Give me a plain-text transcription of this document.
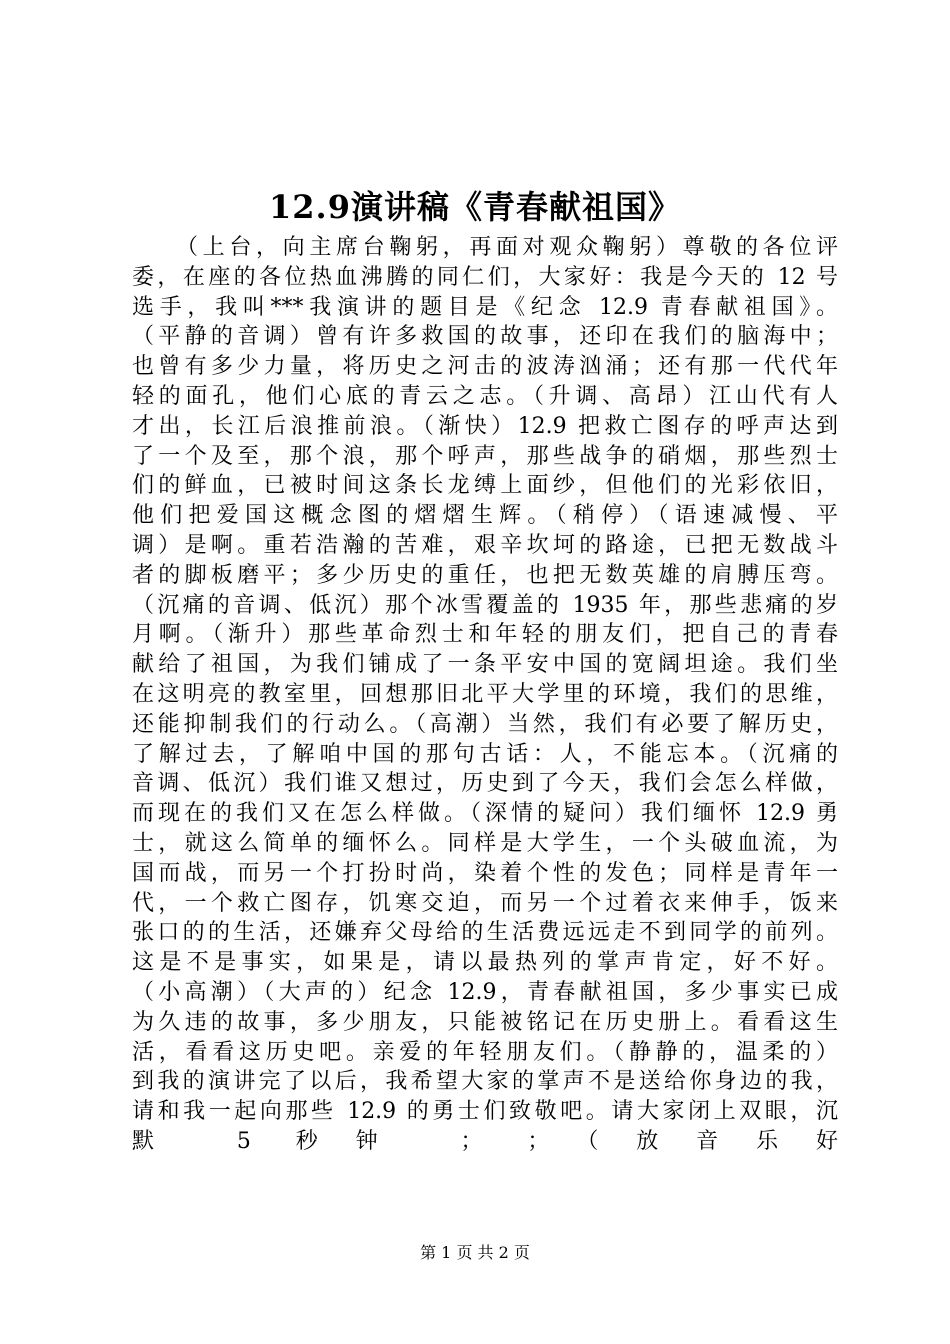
12.9演讲稿《青春献祖国》
（上台，向主席台鞠躬，再面对观众鞠躬）尊敬的各位评
委，在座的各位热血沸腾的同仁们，大家好：我是今天的 12 号
选手，我叫***我演讲的题目是《纪念 12.9 青春献祖国》。
（平静的音调）曾有许多救国的故事，还印在我们的脑海中；
也曾有多少力量，将历史之河击的波涛汹涌；还有那一代代年
轻的面孔，他们心底的青云之志。（升调、高昂）江山代有人
才出，长江后浪推前浪。（渐快）12.9 把救亡图存的呼声达到
了一个及至，那个浪，那个呼声，那些战争的硝烟，那些烈士
们的鲜血，已被时间这条长龙缚上面纱，但他们的光彩依旧，
他们把爱国这概念图的熠熠生辉。（稍停）（语速减慢、平
调）是啊。重若浩瀚的苦难，艰辛坎坷的路途，已把无数战斗
者的脚板磨平；多少历史的重任，也把无数英雄的肩膊压弯。
（沉痛的音调、低沉）那个冰雪覆盖的 1935 年，那些悲痛的岁
月啊。（渐升）那些革命烈士和年轻的朋友们，把自己的青春
献给了祖国，为我们铺成了一条平安中国的宽阔坦途。我们坐
在这明亮的教室里，回想那旧北平大学里的环境，我们的思维，
还能抑制我们的行动么。（高潮）当然，我们有必要了解历史，
了解过去，了解咱中国的那句古话：人，不能忘本。（沉痛的
音调、低沉）我们谁又想过，历史到了今天，我们会怎么样做，
而现在的我们又在怎么样做。（深情的疑问）我们缅怀 12.9 勇
士，就这么简单的缅怀么。同样是大学生，一个头破血流，为
国而战，而另一个打扮时尚，染着个性的发色；同样是青年一
代，一个救亡图存，饥寒交迫，而另一个过着衣来伸手，饭来
张口的的生活，还嫌弃父母给的生活费远远走不到同学的前列。
这是不是事实，如果是，请以最热列的掌声肯定，好不好。
（小高潮）（大声的）纪念 12.9，青春献祖国，多少事实已成
为久违的故事，多少朋友，只能被铭记在历史册上。看看这生
活，看看这历史吧。亲爱的年轻朋友们。（静静的，温柔的）
到我的演讲完了以后，我希望大家的掌声不是送给你身边的我，
请和我一起向那些 12.9 的勇士们致敬吧。请大家闭上双眼，沉
默 5 秒钟 ； ；（放音乐好
第 1 页 共 2 页
